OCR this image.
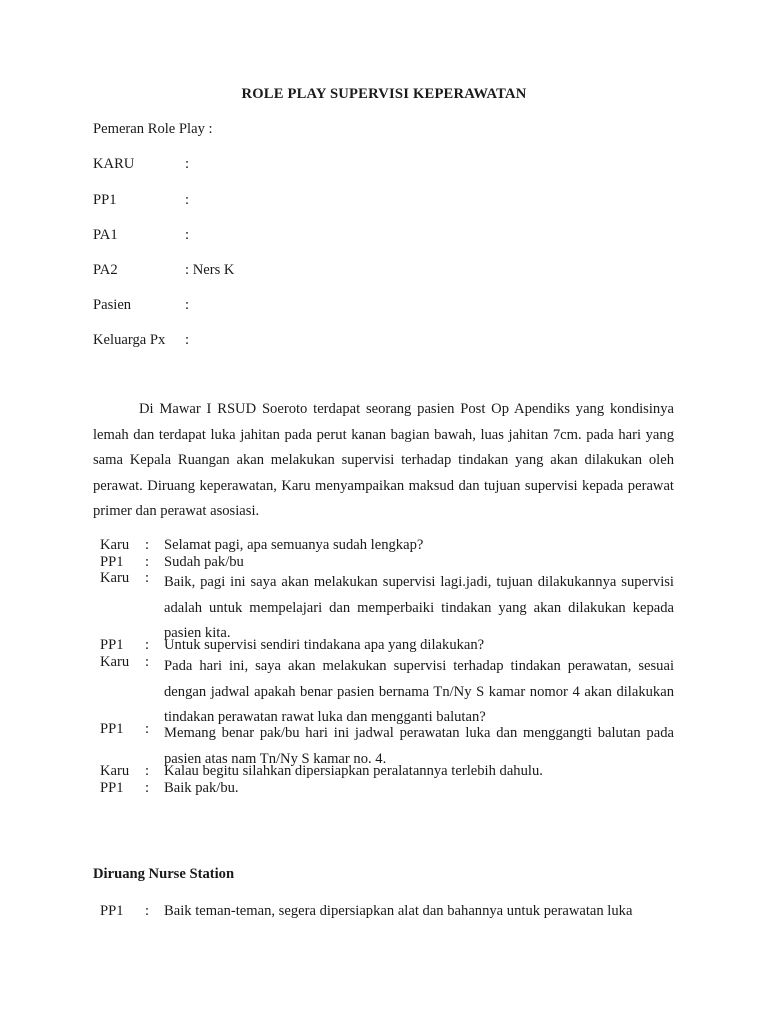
ROLE PLAY SUPERVISI KEPERAWATAN
Pemeran Role Play :
KARU	:
PP1	:
PA1	:
PA2	: Ners K
Pasien	:
Keluarga Px :
Di Mawar I RSUD Soeroto terdapat seorang pasien Post Op Apendiks yang kondisinya lemah dan terdapat luka jahitan pada perut kanan bagian bawah, luas jahitan 7cm. pada hari yang sama Kepala Ruangan akan melakukan supervisi terhadap tindakan yang akan dilakukan oleh perawat. Diruang keperawatan, Karu menyampaikan maksud dan tujuan supervisi kepada perawat primer dan perawat asosiasi.
Karu : Selamat pagi, apa semuanya sudah lengkap?
PP1 : Sudah pak/bu
Karu : Baik, pagi ini saya akan melakukan supervisi lagi.jadi, tujuan dilakukannya supervisi adalah untuk mempelajari dan memperbaiki tindakan yang akan dilakukan kepada pasien kita.
PP1 : Untuk supervisi sendiri tindakana apa yang dilakukan?
Karu : Pada hari ini, saya akan melakukan supervisi terhadap tindakan perawatan, sesuai dengan jadwal apakah benar pasien bernama Tn/Ny S kamar nomor 4 akan dilakukan tindakan perawatan rawat luka dan mengganti balutan?
PP1 : Memang benar pak/bu hari ini jadwal perawatan luka dan menggangti balutan pada pasien atas nam Tn/Ny S kamar no. 4.
Karu : Kalau begitu silahkan dipersiapkan peralatannya terlebih dahulu.
PP1 : Baik pak/bu.
Diruang Nurse Station
PP1 : Baik teman-teman, segera dipersiapkan alat dan bahannya untuk perawatan luka
